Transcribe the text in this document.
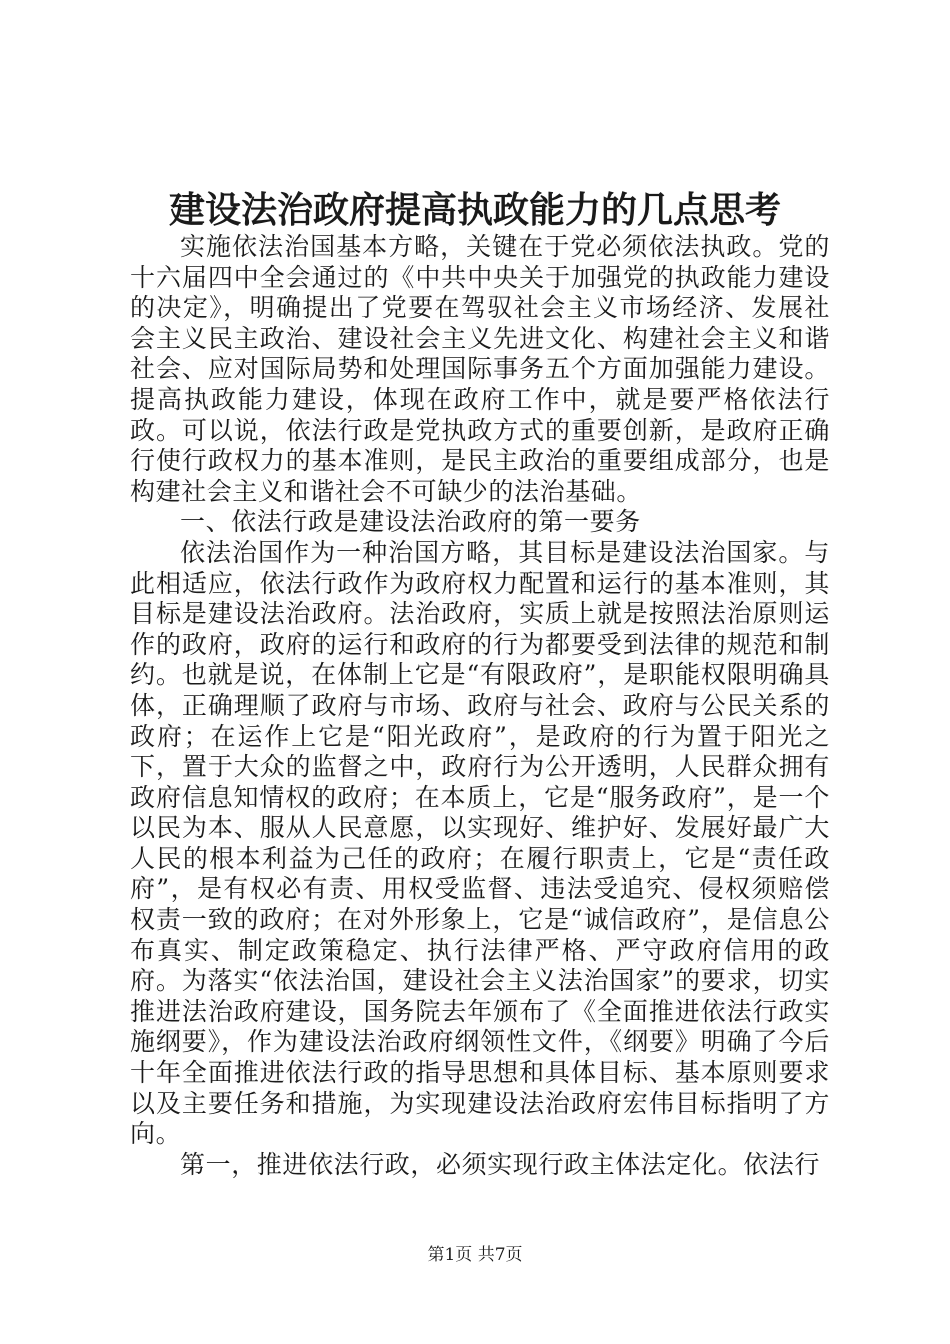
建设法治政府提高执政能力的几点思考

实施依法治国基本方略，关键在于党必须依法执政。党的十六届四中全会通过的《中共中央关于加强党的执政能力建设的决定》，明确提出了党要在驾驭社会主义市场经济、发展社会主义民主政治、建设社会主义先进文化、构建社会主义和谐社会、应对国际局势和处理国际事务五个方面加强能力建设。提高执政能力建设，体现在政府工作中，就是要严格依法行政。可以说，依法行政是党执政方式的重要创新，是政府正确行使行政权力的基本准则，是民主政治的重要组成部分，也是构建社会主义和谐社会不可缺少的法治基础。

一、依法行政是建设法治政府的第一要务

依法治国作为一种治国方略，其目标是建设法治国家。与此相适应，依法行政作为政府权力配置和运行的基本准则，其目标是建设法治政府。法治政府，实质上就是按照法治原则运作的政府，政府的运行和政府的行为都要受到法律的规范和制约。也就是说，在体制上它是“有限政府”，是职能权限明确具体，正确理顺了政府与市场、政府与社会、政府与公民关系的政府；在运作上它是“阳光政府”，是政府的行为置于阳光之下，置于大众的监督之中，政府行为公开透明，人民群众拥有政府信息知情权的政府；在本质上，它是“服务政府”，是一个以民为本、服从人民意愿，以实现好、维护好、发展好最广大人民的根本利益为己任的政府；在履行职责上，它是“责任政府”，是有权必有责、用权受监督、违法受追究、侵权须赔偿权责一致的政府；在对外形象上，它是“诚信政府”，是信息公布真实、制定政策稳定、执行法律严格、严守政府信用的政府。为落实“依法治国，建设社会主义法治国家”的要求，切实推进法治政府建设，国务院去年颁布了《全面推进依法行政实施纲要》，作为建设法治政府纲领性文件，《纲要》明确了今后十年全面推进依法行政的指导思想和具体目标、基本原则要求以及主要任务和措施，为实现建设法治政府宏伟目标指明了方向。

第一，推进依法行政，必须实现行政主体法定化。依法行

第1页 共7页
